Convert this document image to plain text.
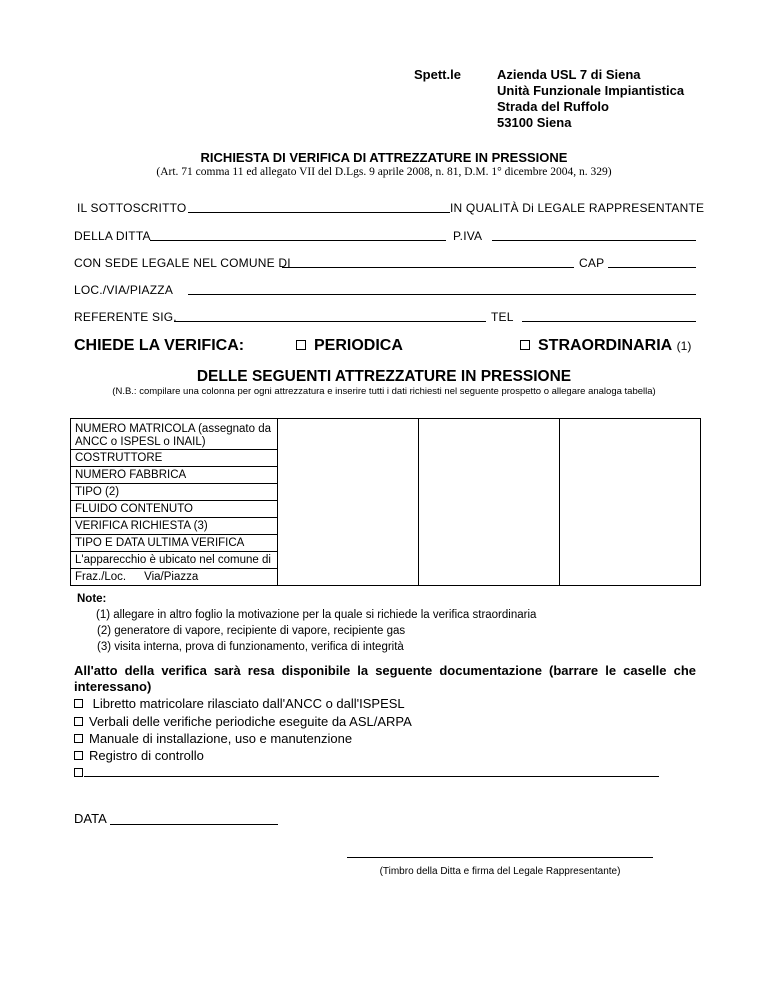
Spett.le	Azienda USL 7 di Siena
Unità Funzionale Impiantistica
Strada del Ruffolo
53100 Siena
RICHIESTA DI VERIFICA DI ATTREZZATURE IN PRESSIONE
(Art. 71 comma 11 ed allegato VII del D.Lgs. 9 aprile 2008, n. 81, D.M. 1° dicembre 2004, n. 329)
IL SOTTOSCRITTO	IN QUALITÀ Di LEGALE RAPPRESENTANTE
DELLA DITTA	P.IVA
CON SEDE LEGALE NEL COMUNE DI	CAP
LOC./VIA/PIAZZA
REFERENTE SIG.	TEL
CHIEDE LA VERIFICA:	PERIODICA	STRAORDINARIA (1)
DELLE SEGUENTI ATTREZZATURE IN PRESSIONE
(N.B.: compilare una colonna per ogni attrezzatura e inserire tutti i dati richiesti nel seguente prospetto o allegare analoga tabella)
NUMERO MATRICOLA (assegnato da ANCC o ISPESL o INAIL)			
COSTRUTTORE
NUMERO FABBRICA
TIPO (2)
FLUIDO CONTENUTO
VERIFICA RICHIESTA (3)
TIPO E DATA ULTIMA VERIFICA
L'apparecchio è ubicato nel comune di
Fraz./Loc. Via/Piazza
Note:
(1) allegare in altro foglio la motivazione per la quale si richiede la verifica straordinaria
(2) generatore di vapore, recipiente di vapore, recipiente gas
(3) visita interna, prova di funzionamento, verifica di integrità
All'atto della verifica sarà resa disponibile la seguente documentazione (barrare le caselle che interessano)
Libretto matricolare rilasciato dall'ANCC o dall'ISPESL
Verbali delle verifiche periodiche eseguite da ASL/ARPA
Manuale di installazione, uso e manutenzione
Registro di controllo
DATA
(Timbro della Ditta e firma del Legale Rappresentante)
